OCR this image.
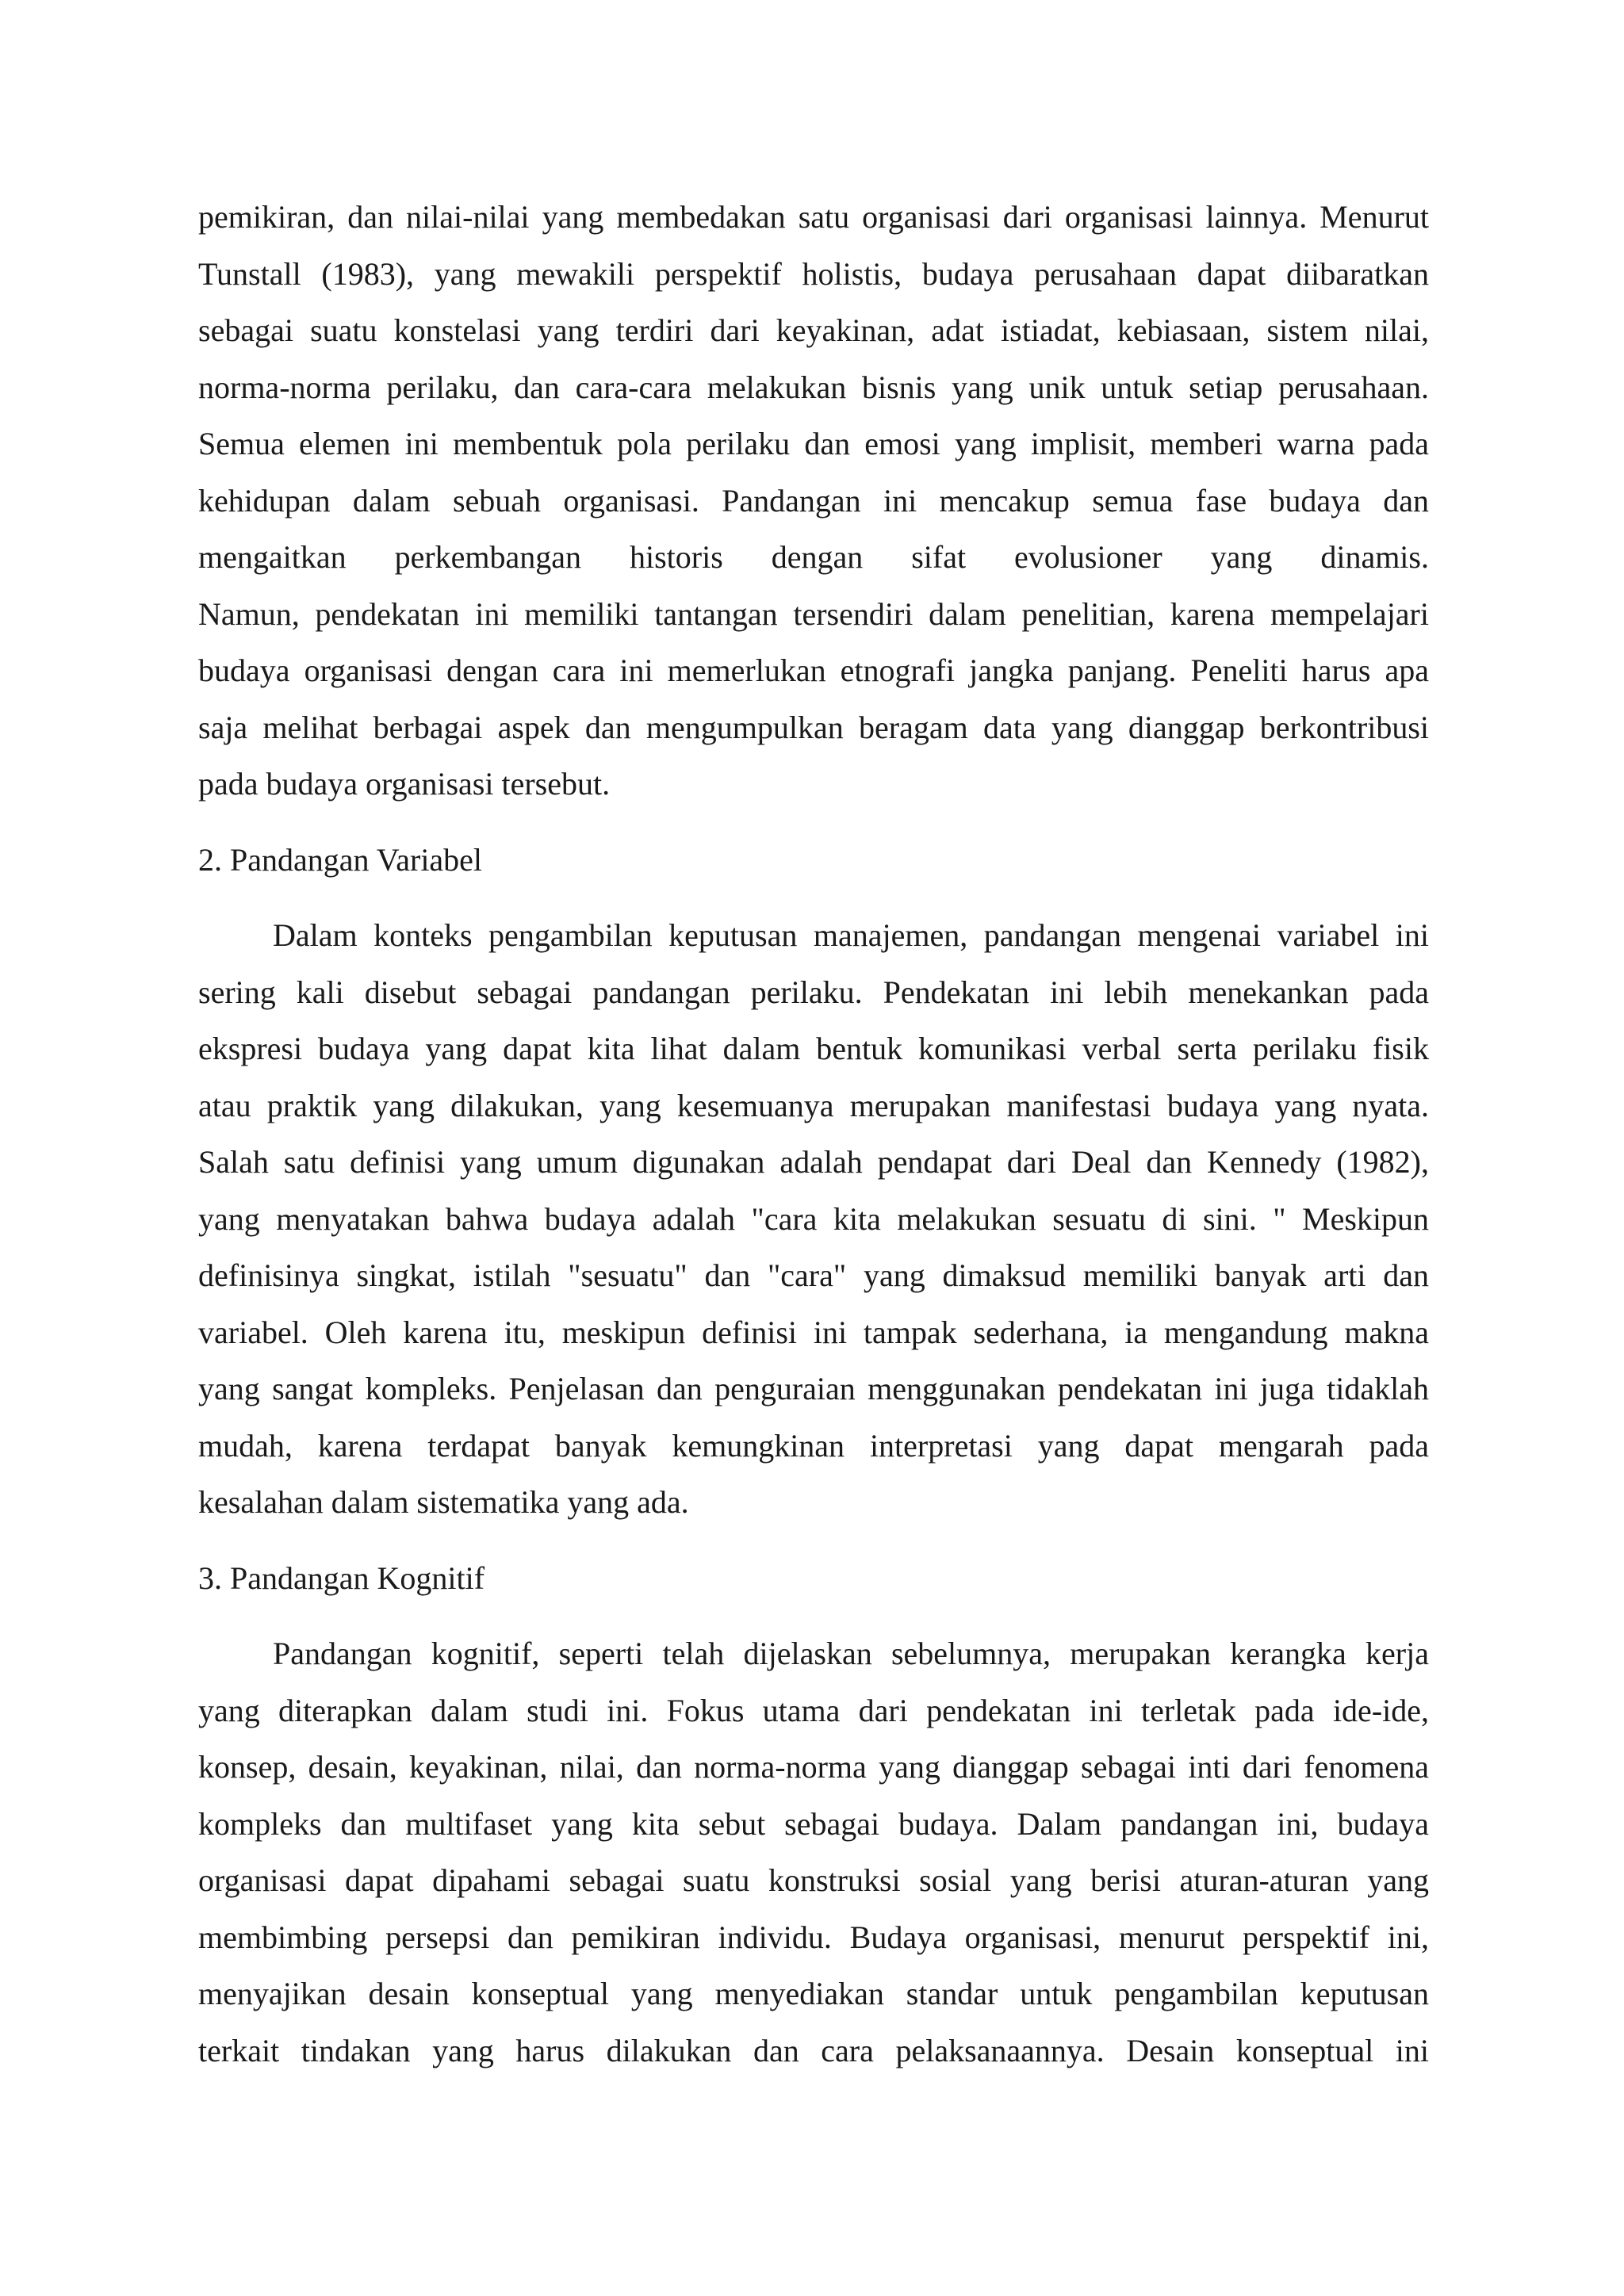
pemikiran, dan nilai-nilai yang membedakan satu organisasi dari organisasi lainnya. Menurut
Tunstall (1983), yang mewakili perspektif holistis, budaya perusahaan dapat diibaratkan
sebagai suatu konstelasi yang terdiri dari keyakinan, adat istiadat, kebiasaan, sistem nilai,
norma-norma perilaku, dan cara-cara melakukan bisnis yang unik untuk setiap perusahaan.
Semua elemen ini membentuk pola perilaku dan emosi yang implisit, memberi warna pada
kehidupan dalam sebuah organisasi. Pandangan ini mencakup semua fase budaya dan
mengaitkan perkembangan historis dengan sifat evolusioner yang dinamis.
Namun, pendekatan ini memiliki tantangan tersendiri dalam penelitian, karena mempelajari
budaya organisasi dengan cara ini memerlukan etnografi jangka panjang. Peneliti harus apa
saja melihat berbagai aspek dan mengumpulkan beragam data yang dianggap berkontribusi
pada budaya organisasi tersebut.

2. Pandangan Variabel

Dalam konteks pengambilan keputusan manajemen, pandangan mengenai variabel ini
sering kali disebut sebagai pandangan perilaku. Pendekatan ini lebih menekankan pada
ekspresi budaya yang dapat kita lihat dalam bentuk komunikasi verbal serta perilaku fisik
atau praktik yang dilakukan, yang kesemuanya merupakan manifestasi budaya yang nyata.
Salah satu definisi yang umum digunakan adalah pendapat dari Deal dan Kennedy (1982),
yang menyatakan bahwa budaya adalah "cara kita melakukan sesuatu di sini. " Meskipun
definisinya singkat, istilah "sesuatu" dan "cara" yang dimaksud memiliki banyak arti dan
variabel. Oleh karena itu, meskipun definisi ini tampak sederhana, ia mengandung makna
yang sangat kompleks. Penjelasan dan penguraian menggunakan pendekatan ini juga tidaklah
mudah, karena terdapat banyak kemungkinan interpretasi yang dapat mengarah pada
kesalahan dalam sistematika yang ada.

3. Pandangan Kognitif

Pandangan kognitif, seperti telah dijelaskan sebelumnya, merupakan kerangka kerja
yang diterapkan dalam studi ini. Fokus utama dari pendekatan ini terletak pada ide-ide,
konsep, desain, keyakinan, nilai, dan norma-norma yang dianggap sebagai inti dari fenomena
kompleks dan multifaset yang kita sebut sebagai budaya. Dalam pandangan ini, budaya
organisasi dapat dipahami sebagai suatu konstruksi sosial yang berisi aturan-aturan yang
membimbing persepsi dan pemikiran individu. Budaya organisasi, menurut perspektif ini,
menyajikan desain konseptual yang menyediakan standar untuk pengambilan keputusan
terkait tindakan yang harus dilakukan dan cara pelaksanaannya. Desain konseptual ini
